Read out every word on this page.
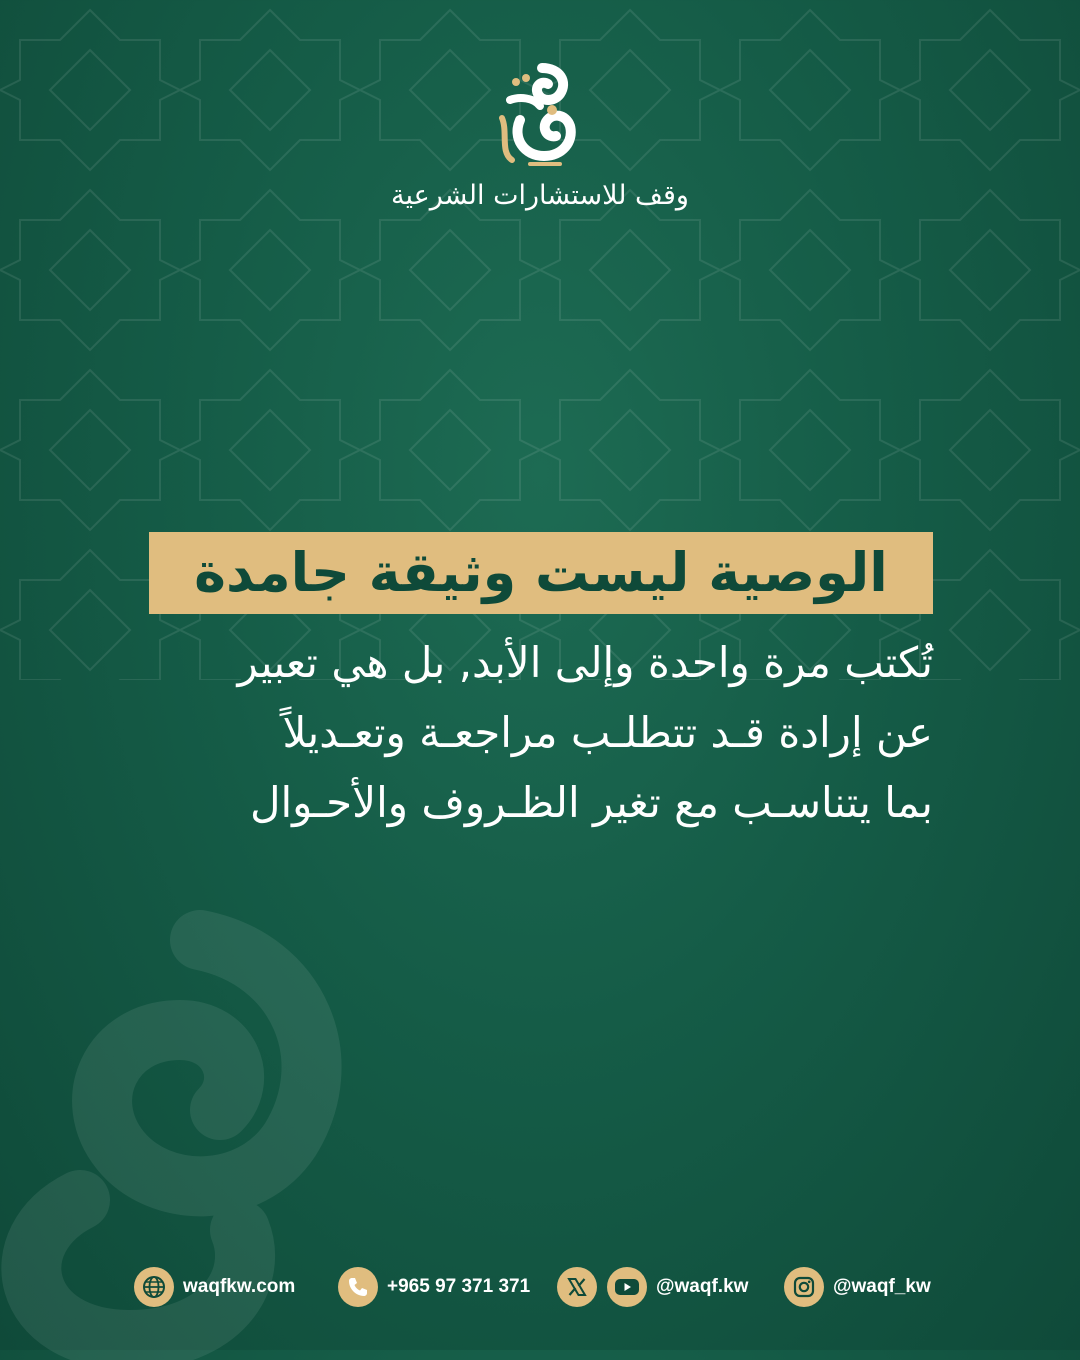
وقف للاستشارات الشرعية
الوصية ليست وثيقة جامدة
تُكتب مرة واحدة وإلى الأبد, بل هي تعبير
عن إرادة قـد تتطلـب مراجعـة وتعـديلاً
بما يتناسـب مع تغير الظـروف والأحـوال
waqfkw.com	+965 97 371 371	@waqf.kw	@waqf_kw
